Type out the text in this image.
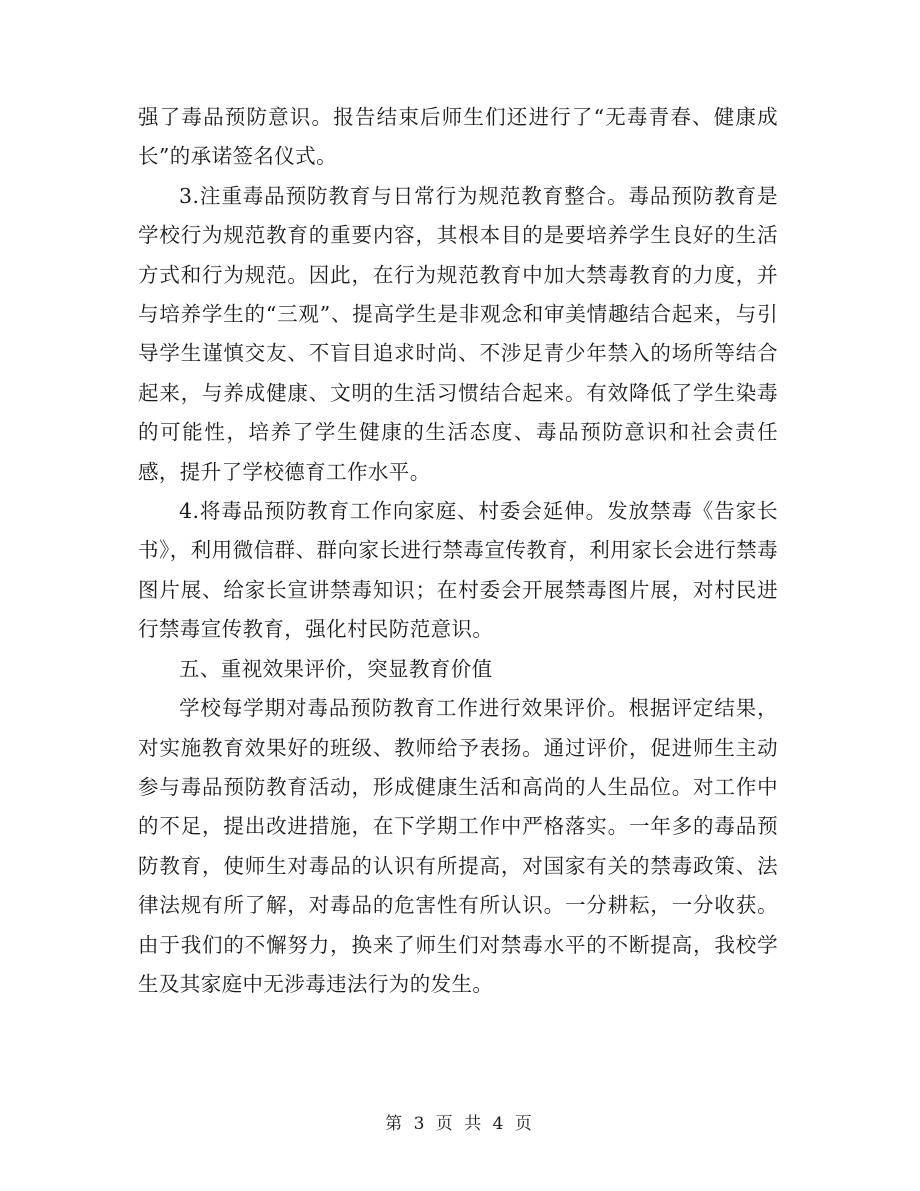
强了毒品预防意识。报告结束后师生们还进行了“无毒青春、健康成长”的承诺签名仪式。

3.注重毒品预防教育与日常行为规范教育整合。毒品预防教育是学校行为规范教育的重要内容，其根本目的是要培养学生良好的生活方式和行为规范。因此，在行为规范教育中加大禁毒教育的力度，并与培养学生的“三观”、提高学生是非观念和审美情趣结合起来，与引导学生谨慎交友、不盲目追求时尚、不涉足青少年禁入的场所等结合起来，与养成健康、文明的生活习惯结合起来。有效降低了学生染毒的可能性，培养了学生健康的生活态度、毒品预防意识和社会责任感，提升了学校德育工作水平。

4.将毒品预防教育工作向家庭、村委会延伸。发放禁毒《告家长书》，利用微信群、群向家长进行禁毒宣传教育，利用家长会进行禁毒图片展、给家长宣讲禁毒知识；在村委会开展禁毒图片展，对村民进行禁毒宣传教育，强化村民防范意识。

五、重视效果评价，突显教育价值

学校每学期对毒品预防教育工作进行效果评价。根据评定结果，对实施教育效果好的班级、教师给予表扬。通过评价，促进师生主动参与毒品预防教育活动，形成健康生活和高尚的人生品位。对工作中的不足，提出改进措施，在下学期工作中严格落实。一年多的毒品预防教育，使师生对毒品的认识有所提高，对国家有关的禁毒政策、法律法规有所了解，对毒品的危害性有所认识。一分耕耘，一分收获。由于我们的不懈努力，换来了师生们对禁毒水平的不断提高，我校学生及其家庭中无涉毒违法行为的发生。

第 3 页 共 4 页
